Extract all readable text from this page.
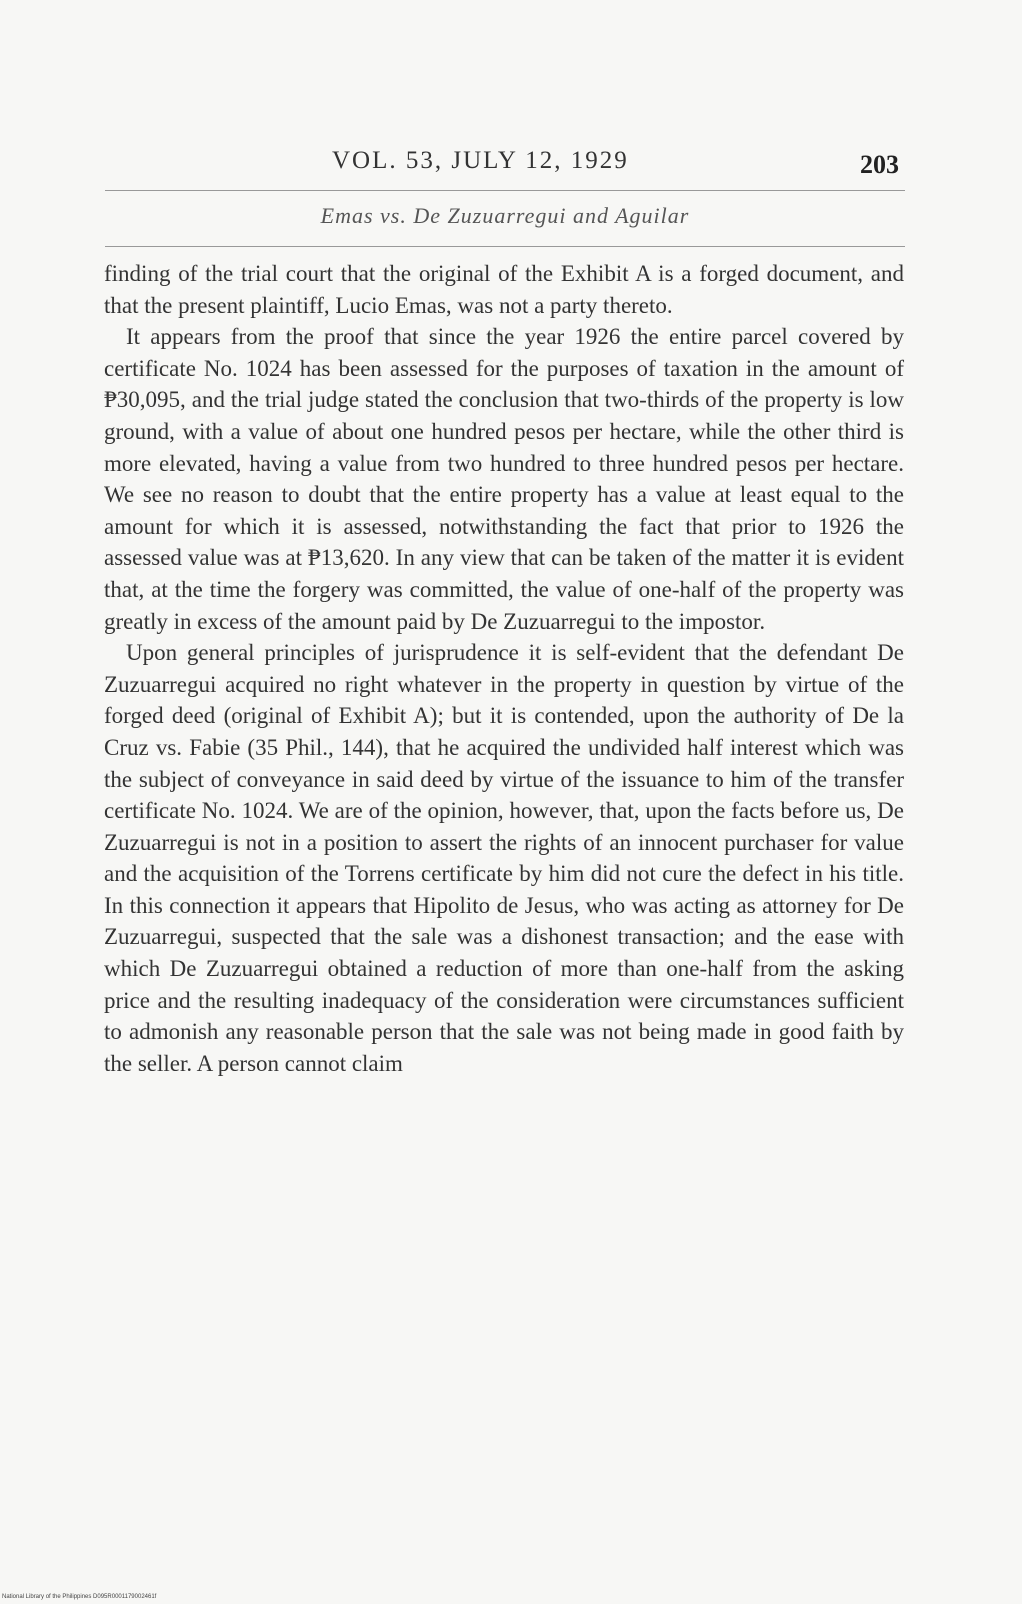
VOL. 53, JULY 12, 1929	203
Emas vs. De Zuzuarregui and Aguilar

finding of the trial court that the original of the Exhibit A is a forged document, and that the present plaintiff, Lucio Emas, was not a party thereto.

It appears from the proof that since the year 1926 the entire parcel covered by certificate No. 1024 has been assessed for the purposes of taxation in the amount of ₱30,095, and the trial judge stated the conclusion that two-thirds of the property is low ground, with a value of about one hundred pesos per hectare, while the other third is more elevated, having a value from two hundred to three hundred pesos per hectare. We see no reason to doubt that the entire property has a value at least equal to the amount for which it is assessed, notwithstanding the fact that prior to 1926 the assessed value was at ₱13,620. In any view that can be taken of the matter it is evident that, at the time the forgery was committed, the value of one-half of the property was greatly in excess of the amount paid by De Zuzuarregui to the impostor.

Upon general principles of jurisprudence it is self-evident that the defendant De Zuzuarregui acquired no right whatever in the property in question by virtue of the forged deed (original of Exhibit A); but it is contended, upon the authority of De la Cruz vs. Fabie (35 Phil., 144), that he acquired the undivided half interest which was the subject of conveyance in said deed by virtue of the issuance to him of the transfer certificate No. 1024. We are of the opinion, however, that, upon the facts before us, De Zuzuarregui is not in a position to assert the rights of an innocent purchaser for value and the acquisition of the Torrens certificate by him did not cure the defect in his title. In this connection it appears that Hipolito de Jesus, who was acting as attorney for De Zuzuarregui, suspected that the sale was a dishonest transaction; and the ease with which De Zuzuarregui obtained a reduction of more than one-half from the asking price and the resulting inadequacy of the consideration were circumstances sufficient to admonish any reasonable person that the sale was not being made in good faith by the seller. A person cannot claim

National Library of the Philippines D095R0001179002461f
